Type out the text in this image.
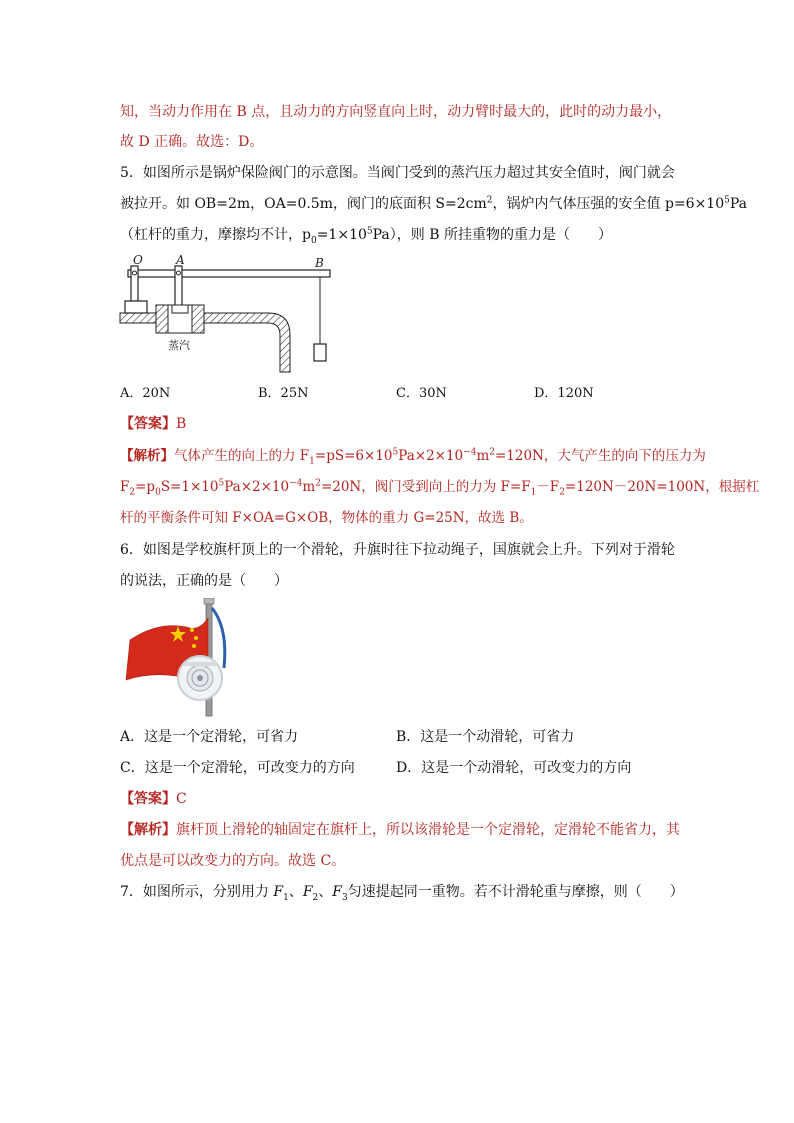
知，当动力作用在 B 点，且动力的方向竖直向上时，动力臂时最大的，此时的动力最小，
故 D 正确。故选：D。
5．如图所示是锅炉保险阀门的示意图。当阀门受到的蒸汽压力超过其安全值时，阀门就会
被拉开。如 OB=2m，OA=0.5m，阀门的底面积 $S=2cm^2$，锅炉内气体压强的安全值 $p=6\times 10^5Pa$
（杠杆的重力，摩擦均不计，$p_0=1\times 10^5Pa$），则 B 所挂重物的重力是（　　）
O	A	B
蒸汽
A．20N	B．25N	C．30N	D．120N
【答案】B
【解析】气体产生的向上的力 $F_1=pS=6\times 10^5Pa\times 2\times 10^{-4}m^2=120N$，大气产生的向下的压力为
$F_2=p_0S=1\times 10^5Pa\times 2\times 10^{-4}m^2=20N$，阀门受到向上的力为 $F=F_1-F_2=120N-20N=100N$，根据杠
杆的平衡条件可知 F×OA=G×OB，物体的重力 G=25N，故选 B。
6．如图是学校旗杆顶上的一个滑轮，升旗时往下拉动绳子，国旗就会上升。下列对于滑轮
的说法，正确的是（　　）
A．这是一个定滑轮，可省力	B．这是一个动滑轮，可省力
C．这是一个定滑轮，可改变力的方向	D．这是一个动滑轮，可改变力的方向
【答案】C
【解析】旗杆顶上滑轮的轴固定在旗杆上，所以该滑轮是一个定滑轮，定滑轮不能省力，其
优点是可以改变力的方向。故选 C。
7．如图所示，分别用力 $F_1$、$F_2$、$F_3$匀速提起同一重物。若不计滑轮重与摩擦，则（　　）
